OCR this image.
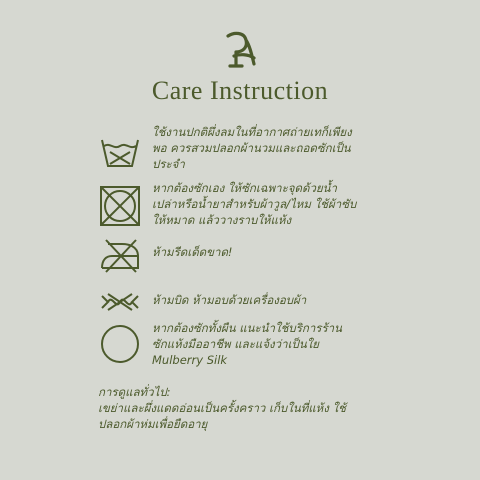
Care Instruction
ใช้งานปกติผึ่งลมในที่อากาศถ่ายเทก็เพียง
พอ ควรสวมปลอกผ้านวมและถอดซักเป็น
ประจำ
หากต้องซักเอง ให้ซักเฉพาะจุดด้วยน้ำ
เปล่าหรือน้ำยาสำหรับผ้าวูล/ไหม ใช้ผ้าซับ
ให้หมาด แล้ววางราบให้แห้ง
ห้ามรีดเด็ดขาด!
ห้ามบิด ห้ามอบด้วยเครื่องอบผ้า
หากต้องซักทั้งผืน แนะนำใช้บริการร้าน
ซักแห้งมืออาชีพ และแจ้งว่าเป็นใย
Mulberry Silk
การดูแลทั่วไป:
เขย่าและผึ่งแดดอ่อนเป็นครั้งคราว เก็บในที่แห้ง ใช้
ปลอกผ้าห่มเพื่อยืดอายุ
